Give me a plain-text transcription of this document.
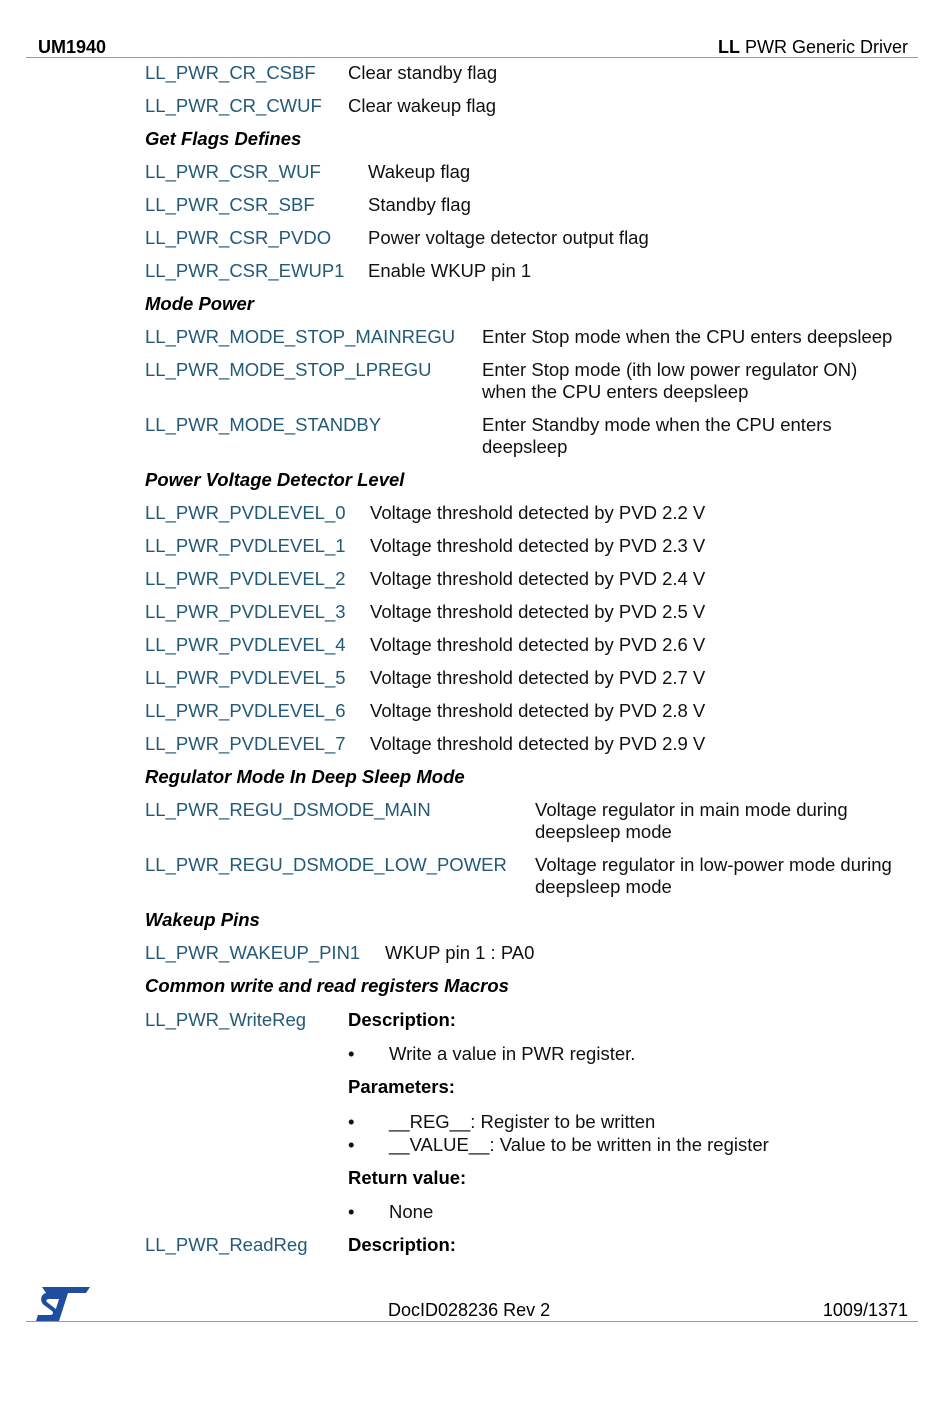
UM1940	LL PWR Generic Driver
LL_PWR_CR_CSBF Clear standby flag
LL_PWR_CR_CWUF Clear wakeup flag
Get Flags Defines
LL_PWR_CSR_WUF	Wakeup flag
LL_PWR_CSR_SBF	Standby flag
LL_PWR_CSR_PVDO Power voltage detector output flag
LL_PWR_CSR_EWUP1 Enable WKUP pin 1
Mode Power
LL_PWR_MODE_STOP_MAINREGU Enter Stop mode when the CPU enters deepsleep
LL_PWR_MODE_STOP_LPREGU	Enter Stop mode (ith low power regulator ON)
when the CPU enters deepsleep
LL_PWR_MODE_STANDBY	Enter Standby mode when the CPU enters
deepsleep
Power Voltage Detector Level
LL_PWR_PVDLEVEL_0 Voltage threshold detected by PVD 2.2 V
LL_PWR_PVDLEVEL_1 Voltage threshold detected by PVD 2.3 V
LL_PWR_PVDLEVEL_2 Voltage threshold detected by PVD 2.4 V
LL_PWR_PVDLEVEL_3 Voltage threshold detected by PVD 2.5 V
LL_PWR_PVDLEVEL_4 Voltage threshold detected by PVD 2.6 V
LL_PWR_PVDLEVEL_5 Voltage threshold detected by PVD 2.7 V
LL_PWR_PVDLEVEL_6 Voltage threshold detected by PVD 2.8 V
LL_PWR_PVDLEVEL_7 Voltage threshold detected by PVD 2.9 V
Regulator Mode In Deep Sleep Mode
LL_PWR_REGU_DSMODE_MAIN	Voltage regulator in main mode during
deepsleep mode
LL_PWR_REGU_DSMODE_LOW_POWER Voltage regulator in low-power mode during
deepsleep mode
Wakeup Pins
LL_PWR_WAKEUP_PIN1 WKUP pin 1 : PA0
Common write and read registers Macros
LL_PWR_WriteReg Description:
• Write a value in PWR register.
Parameters:
• __REG__: Register to be written
• __VALUE__: Value to be written in the register
Return value:
• None
LL_PWR_ReadReg Description:
DocID028236 Rev 2	1009/1371
